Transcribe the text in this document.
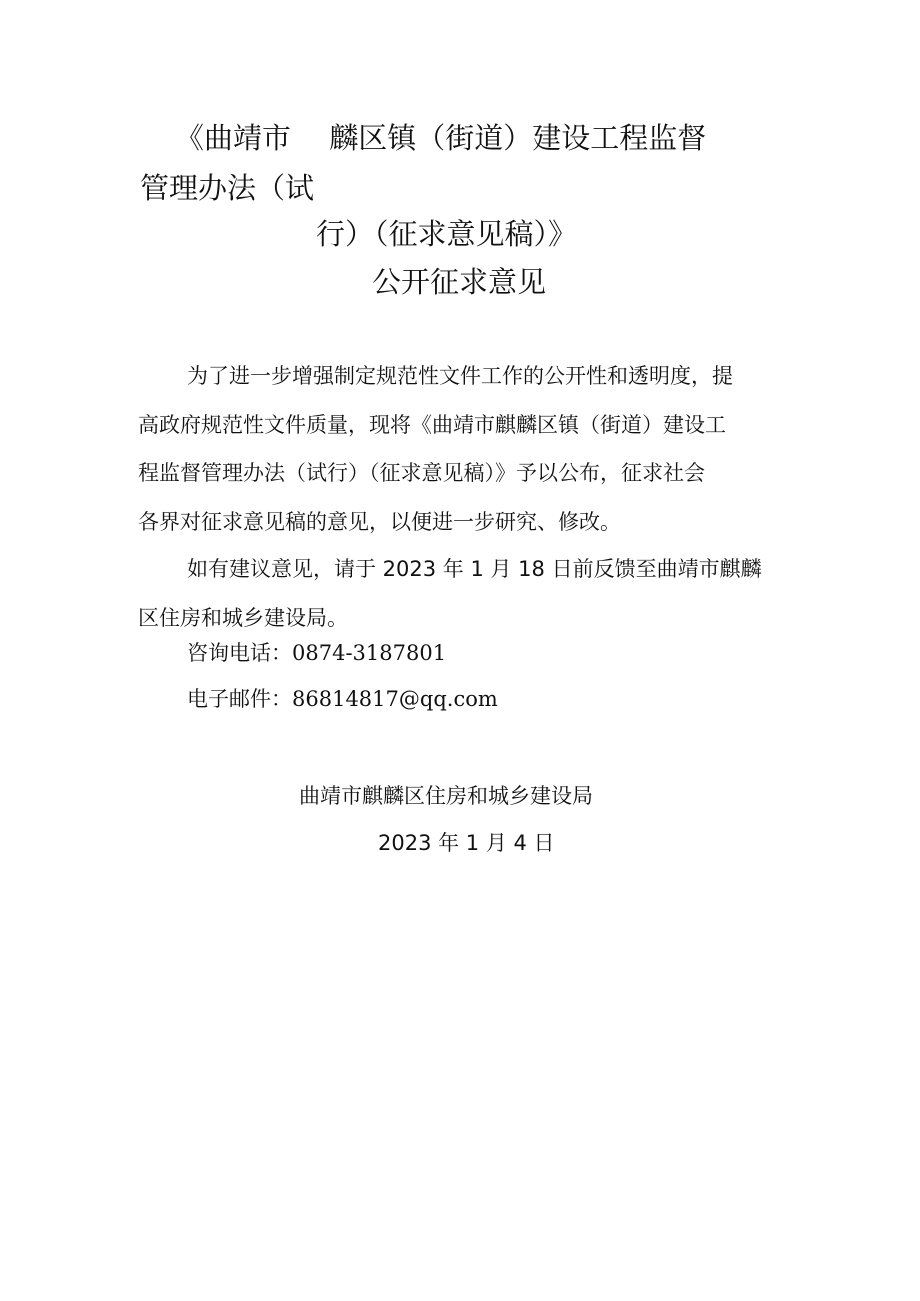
《曲靖市　 麟区镇（街道）建设工程监督
管理办法（试
行）（征求意见稿）》
公开征求意见
为了进一步增强制定规范性文件工作的公开性和透明度，提
高政府规范性文件质量，现将《曲靖市麒麟区镇（街道）建设工
程监督管理办法（试行）（征求意见稿）》予以公布，征求社会
各界对征求意见稿的意见，以便进一步研究、修改。
如有建议意见，请于 2023 年 1 月 18 日前反馈至曲靖市麒麟
区住房和城乡建设局。
咨询电话：0874-3187801
电子邮件：86814817@qq.com
曲靖市麒麟区住房和城乡建设局
2023 年 1 月 4 日
